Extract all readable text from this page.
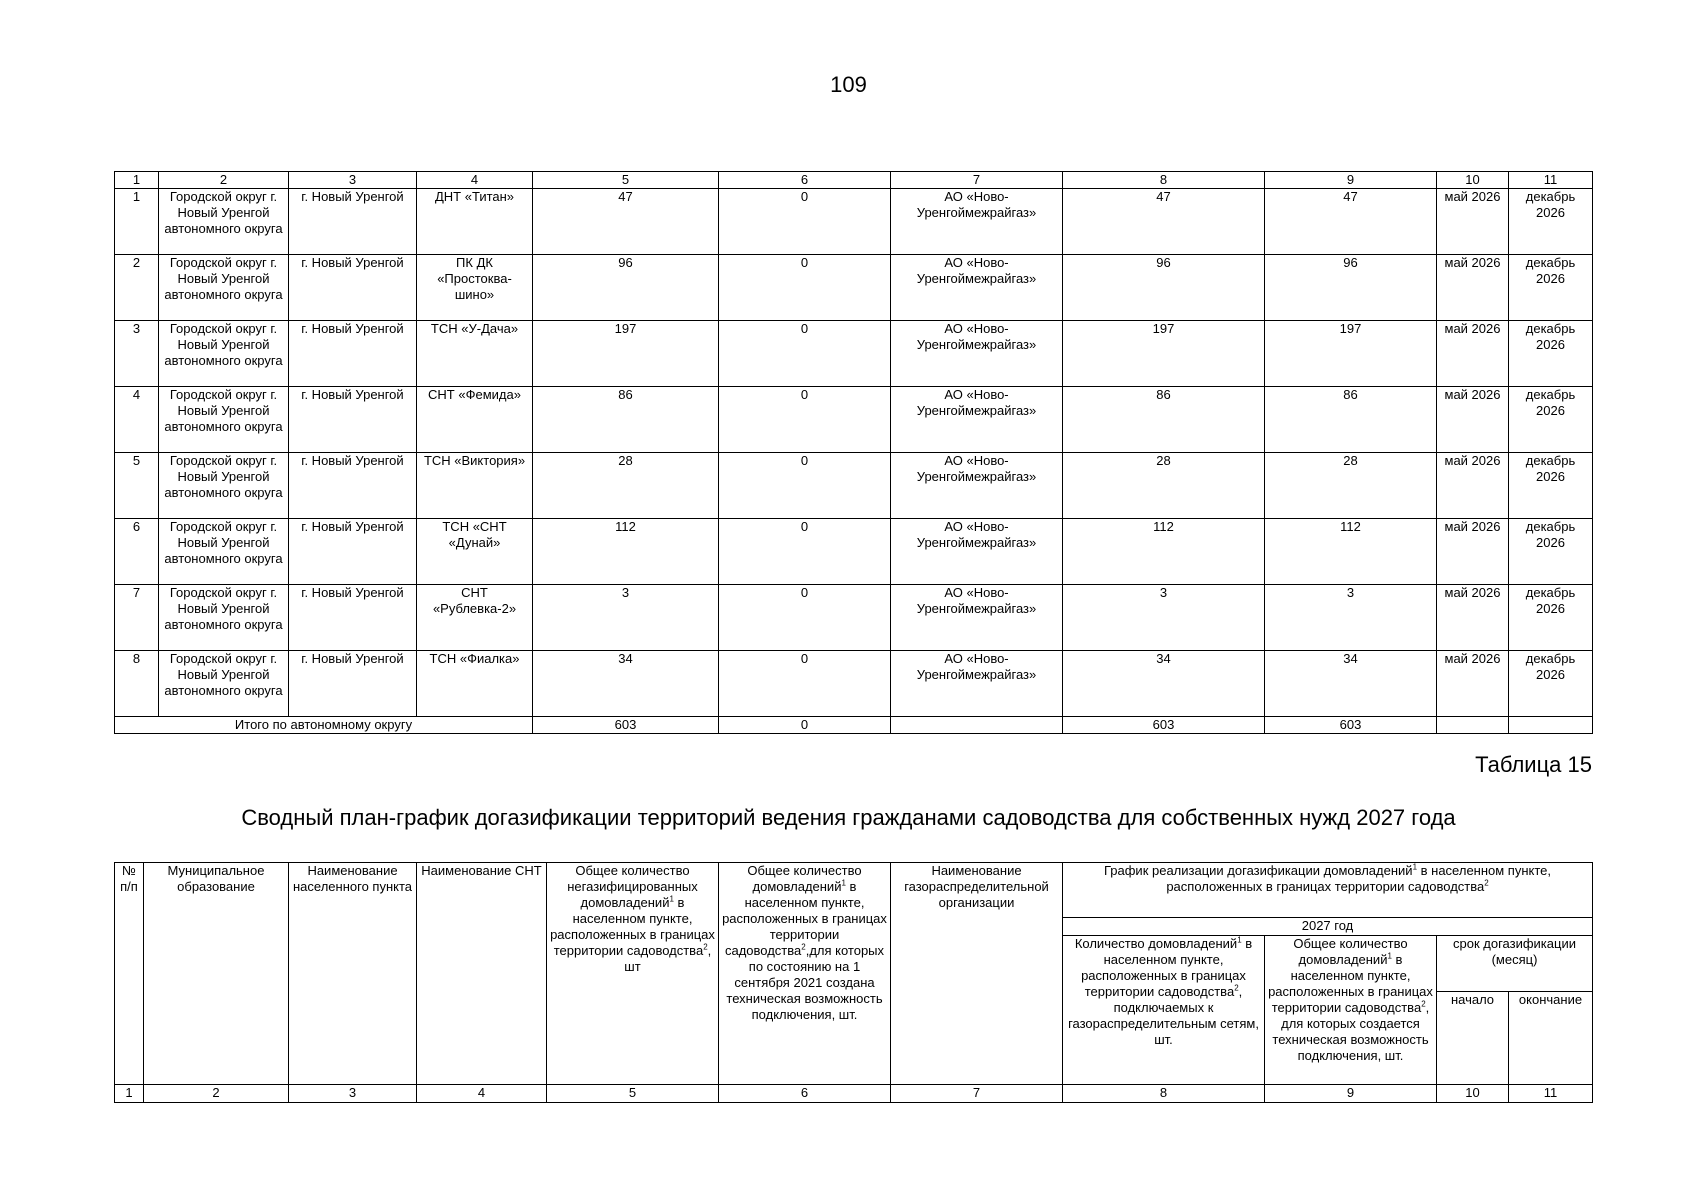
109
1	2	3	4	5	6	7	8	9	10	11
1	Городской округ г. Новый Уренгой автономного округа	г. Новый Уренгой	ДНТ «Титан»	47	0	АО «Ново-Уренгоймежрайгаз»	47	47	май 2026	декабрь 2026
2	Городской округ г. Новый Уренгой автономного округа	г. Новый Уренгой	ПК ДК «Простоква-шино»	96	0	АО «Ново-Уренгоймежрайгаз»	96	96	май 2026	декабрь 2026
3	Городской округ г. Новый Уренгой автономного округа	г. Новый Уренгой	ТСН «У-Дача»	197	0	АО «Ново-Уренгоймежрайгаз»	197	197	май 2026	декабрь 2026
4	Городской округ г. Новый Уренгой автономного округа	г. Новый Уренгой	СНТ «Фемида»	86	0	АО «Ново-Уренгоймежрайгаз»	86	86	май 2026	декабрь 2026
5	Городской округ г. Новый Уренгой автономного округа	г. Новый Уренгой	ТСН «Виктория»	28	0	АО «Ново-Уренгоймежрайгаз»	28	28	май 2026	декабрь 2026
6	Городской округ г. Новый Уренгой автономного округа	г. Новый Уренгой	ТСН «СНТ «Дунай»	112	0	АО «Ново-Уренгоймежрайгаз»	112	112	май 2026	декабрь 2026
7	Городской округ г. Новый Уренгой автономного округа	г. Новый Уренгой	СНТ «Рублевка-2»	3	0	АО «Ново-Уренгоймежрайгаз»	3	3	май 2026	декабрь 2026
8	Городской округ г. Новый Уренгой автономного округа	г. Новый Уренгой	ТСН «Фиалка»	34	0	АО «Ново-Уренгоймежрайгаз»	34	34	май 2026	декабрь 2026
Итого по автономному округу				603	0		603	603		
Таблица 15
Сводный план-график догазификации территорий ведения гражданами садоводства для собственных нужд 2027 года
№ п/п	Муниципальное образование	Наименование населенного пункта	Наименование СНТ	Общее количество негазифицированных домовладений$^1$ в населенном пункте, расположенных в границах территории садоводства$^2$, шт	Общее количество домовладений$^1$ в населенном пункте, расположенных в границах территории садоводства$^2$,для которых по состоянию на 1 сентября 2021 создана техническая возможность подключения, шт.	Наименование газораспределительной организации	График реализации догазификации домовладений$^1$ в населенном пункте, расположенных в границах территории садоводства$^2$
							2027 год			
							Количество домовладений$^1$ в населенном пункте, расположенных в границах территории садоводства$^2$, подключаемых к газораспределительным сетям, шт.	Общее количество домовладений$^1$ в населенном пункте, расположенных в границах территории садоводства$^2$, для которых создается техническая возможность подключения, шт.	срок догазификации (месяц)	
									начало	окончание
1	2	3	4	5	6	7	8	9	10	11
